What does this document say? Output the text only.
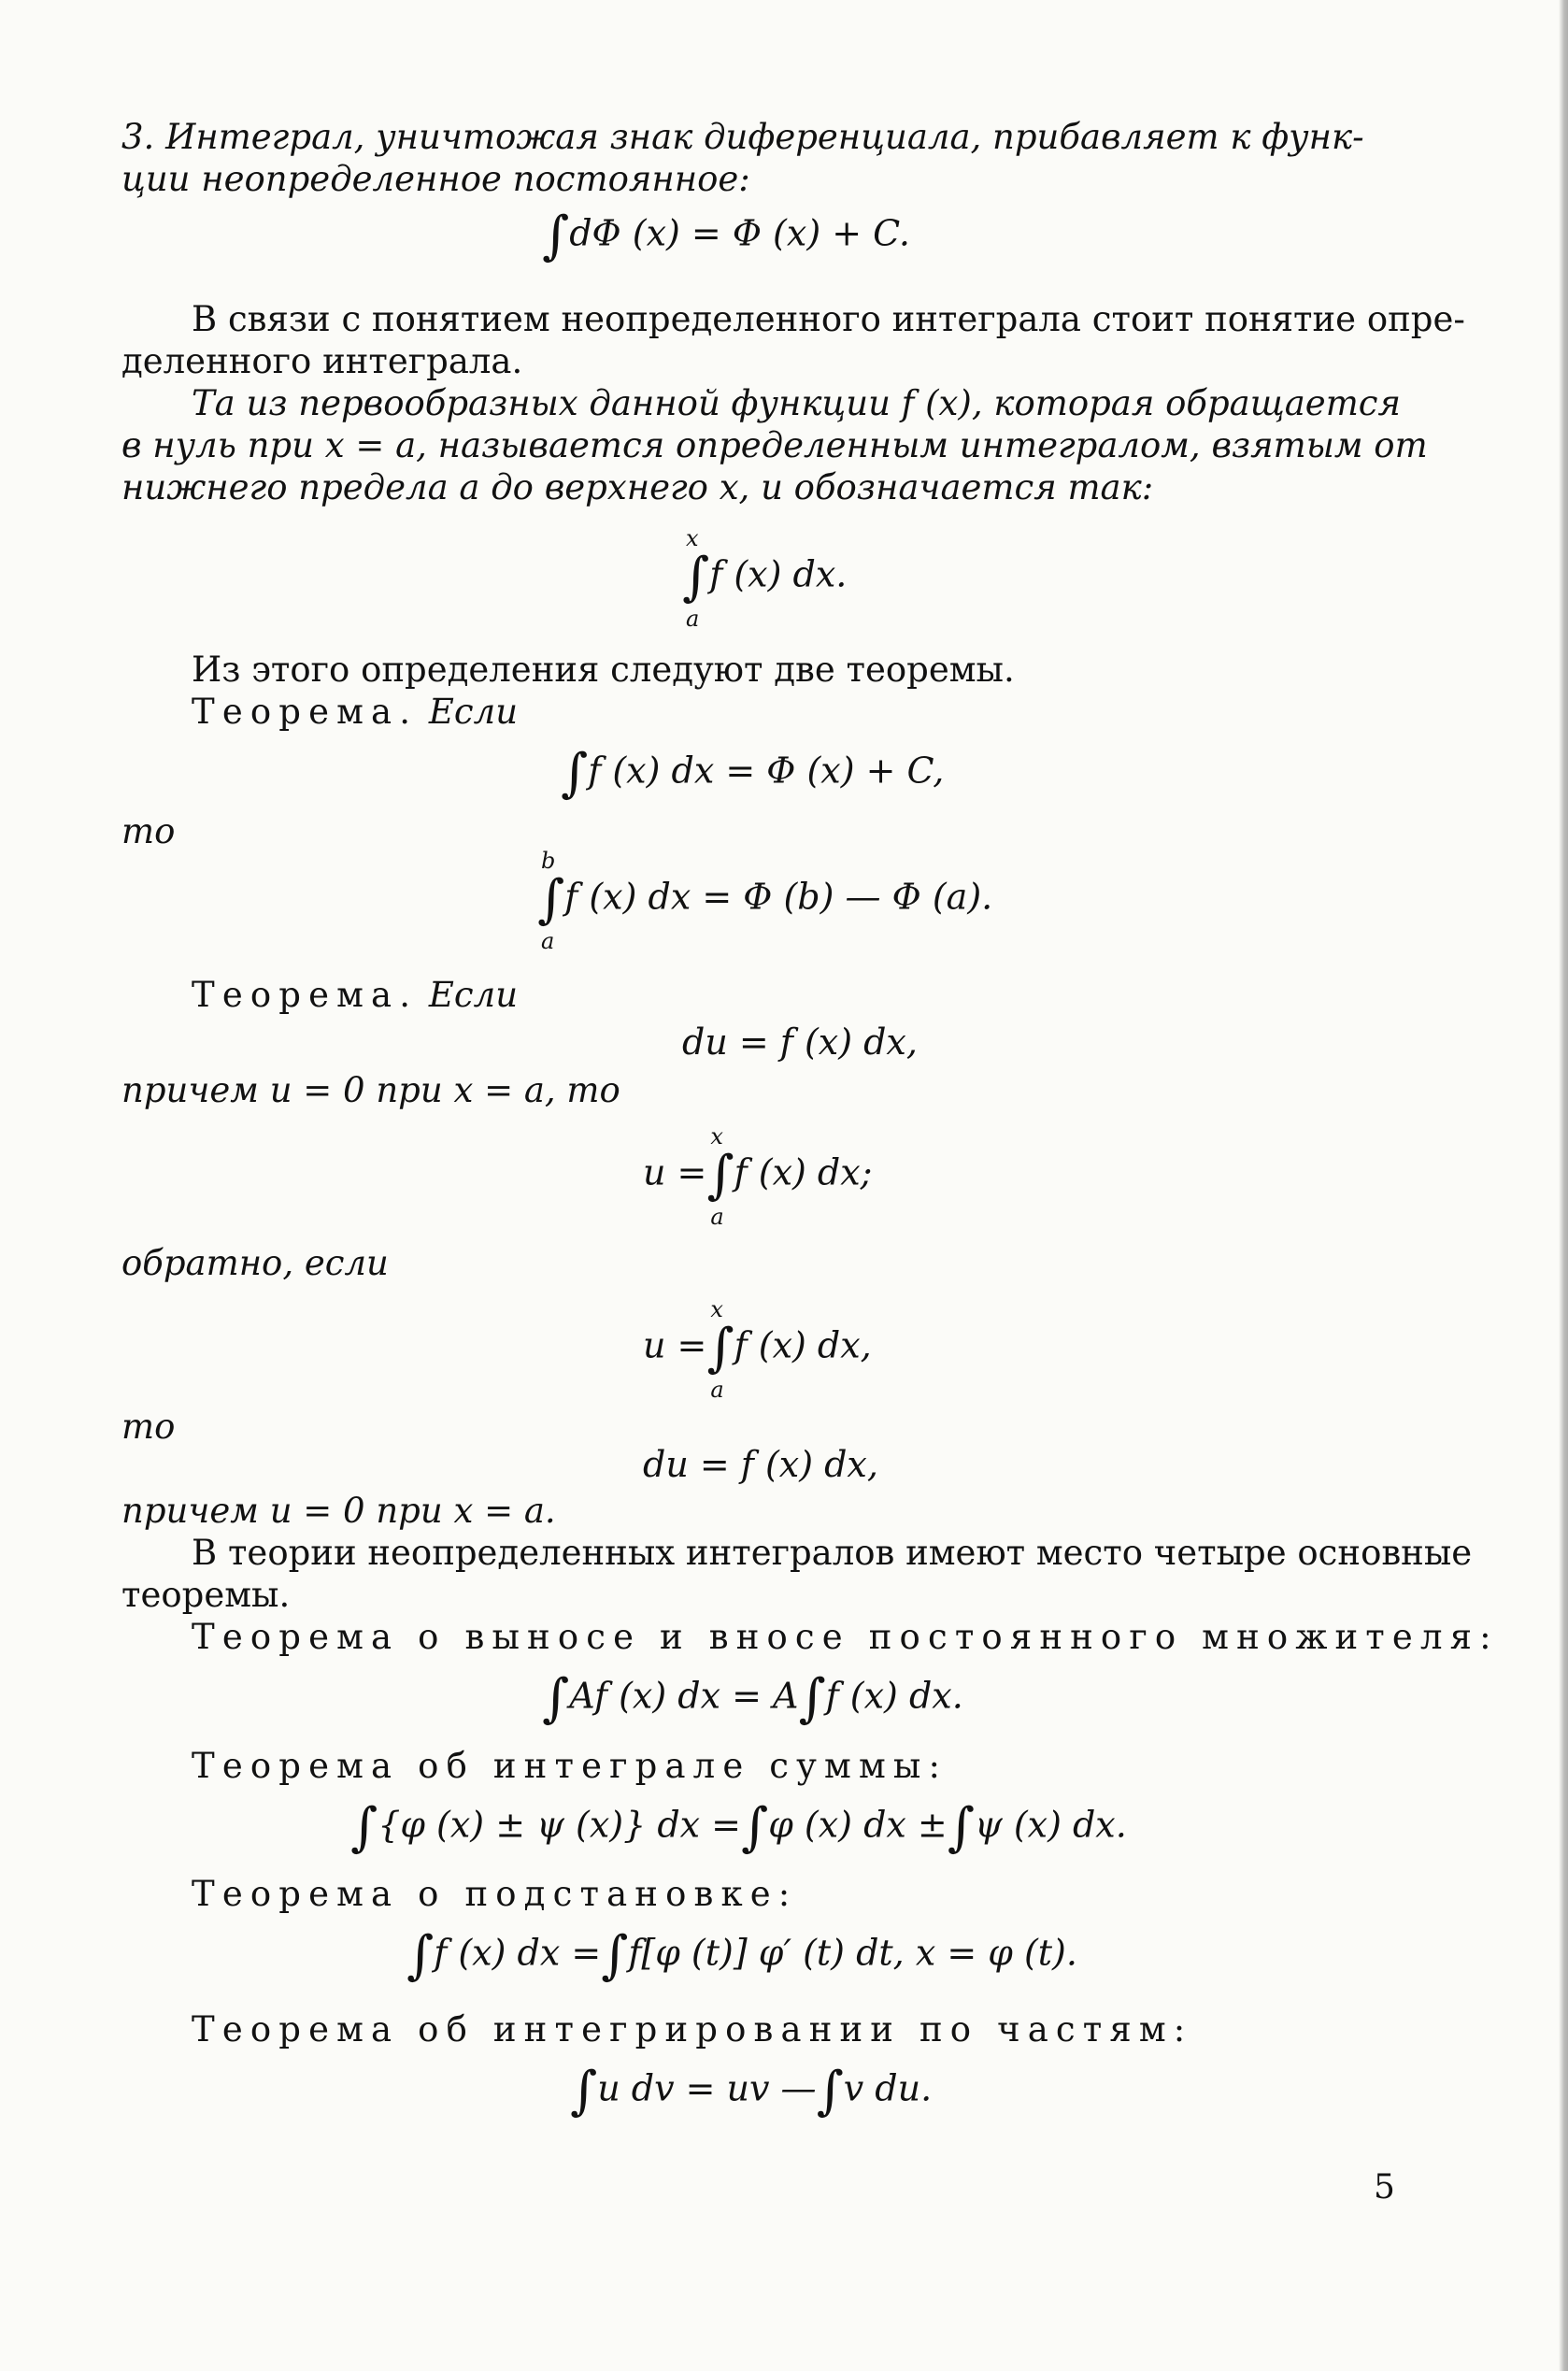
3. Интеграл, уничтожая знак диференциала, прибавляет к функ-
ции неопределенное постоянное:
∫dΦ (x) = Φ (x) + C.
В связи с понятием неопределенного интеграла стоит понятие опре-
деленного интеграла.
Та из первообразных данной функции f (x), которая обращается
в нуль при x = a, называется определенным интегралом, взятым от
нижнего предела a до верхнего x, и обозначается так:
∫
x
a
f (x) dx.
Из этого определения следуют две теоремы.
Теорема. Если
∫f (x) dx = Φ (x) + C,
то
∫
b
a
f (x) dx = Φ (b) — Φ (a).
Теорема. Если
du = f (x) dx,
причем u = 0 при x = a, то
u =∫
x
a
f (x) dx;
обратно, если
u =∫
x
a
f (x) dx,
то
du = f (x) dx,
причем u = 0 при x = a.
В теории неопределенных интегралов имеют место четыре основные
теоремы.
Теорема о выносе и вносе постоянного множителя:
∫Af (x) dx = A∫f (x) dx.
Теорема об интеграле суммы:
∫{φ (x) ± ψ (x)} dx =∫φ (x) dx ±∫ψ (x) dx.
Теорема о подстановке:
∫f (x) dx =∫f[φ (t)] φ′ (t) dt, x = φ (t).
Теорема об интегрировании по частям:
∫u dv = uv —∫v du.
5
